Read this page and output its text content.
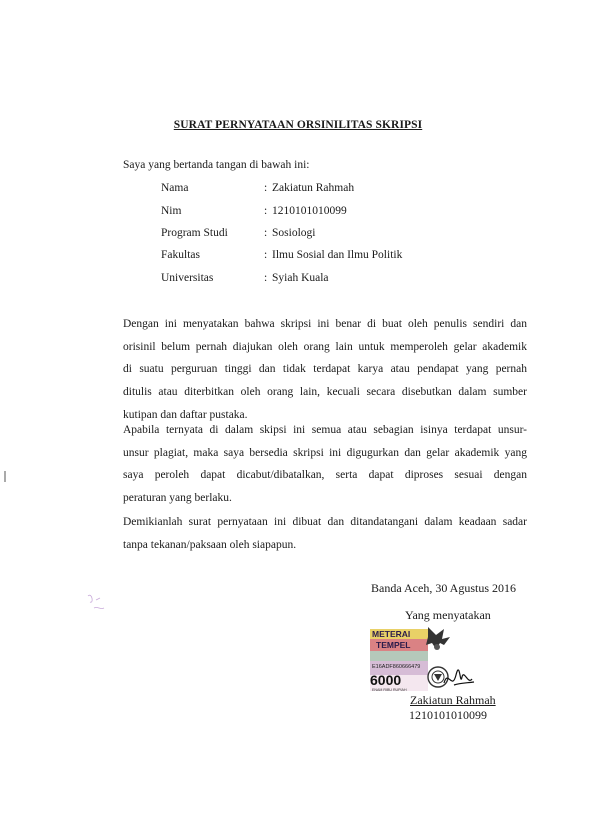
SURAT PERNYATAAN ORSINILITAS SKRIPSI
Saya yang bertanda tangan di bawah ini:
Nama	: Zakiatun Rahmah
Nim	: 1210101010099
Program Studi	: Sosiologi
Fakultas	: Ilmu Sosial dan Ilmu Politik
Universitas	: Syiah Kuala
Dengan ini menyatakan bahwa skripsi ini benar di buat oleh penulis sendiri dan
orisinil belum pernah diajukan oleh orang lain untuk memperoleh gelar akademik
di suatu perguruan tinggi dan tidak terdapat karya atau pendapat yang pernah
ditulis atau diterbitkan oleh orang lain, kecuali secara disebutkan dalam sumber
kutipan dan daftar pustaka.
Apabila ternyata di dalam skipsi ini semua atau sebagian isinya terdapat unsur-
unsur plagiat, maka saya bersedia skripsi ini digugurkan dan gelar akademik yang
saya peroleh dapat dicabut/dibatalkan, serta dapat diproses sesuai dengan
peraturan yang berlaku.
Demikianlah surat pernyataan ini dibuat dan ditandatangani dalam keadaan sadar
tanpa tekanan/paksaan oleh siapapun.
Banda Aceh, 30 Agustus 2016
Yang menyatakan
METERAI
TEMPEL
E16ADF860666479
6000
ENAM RIBU RUPIAH
Zakiatun Rahmah
1210101010099
